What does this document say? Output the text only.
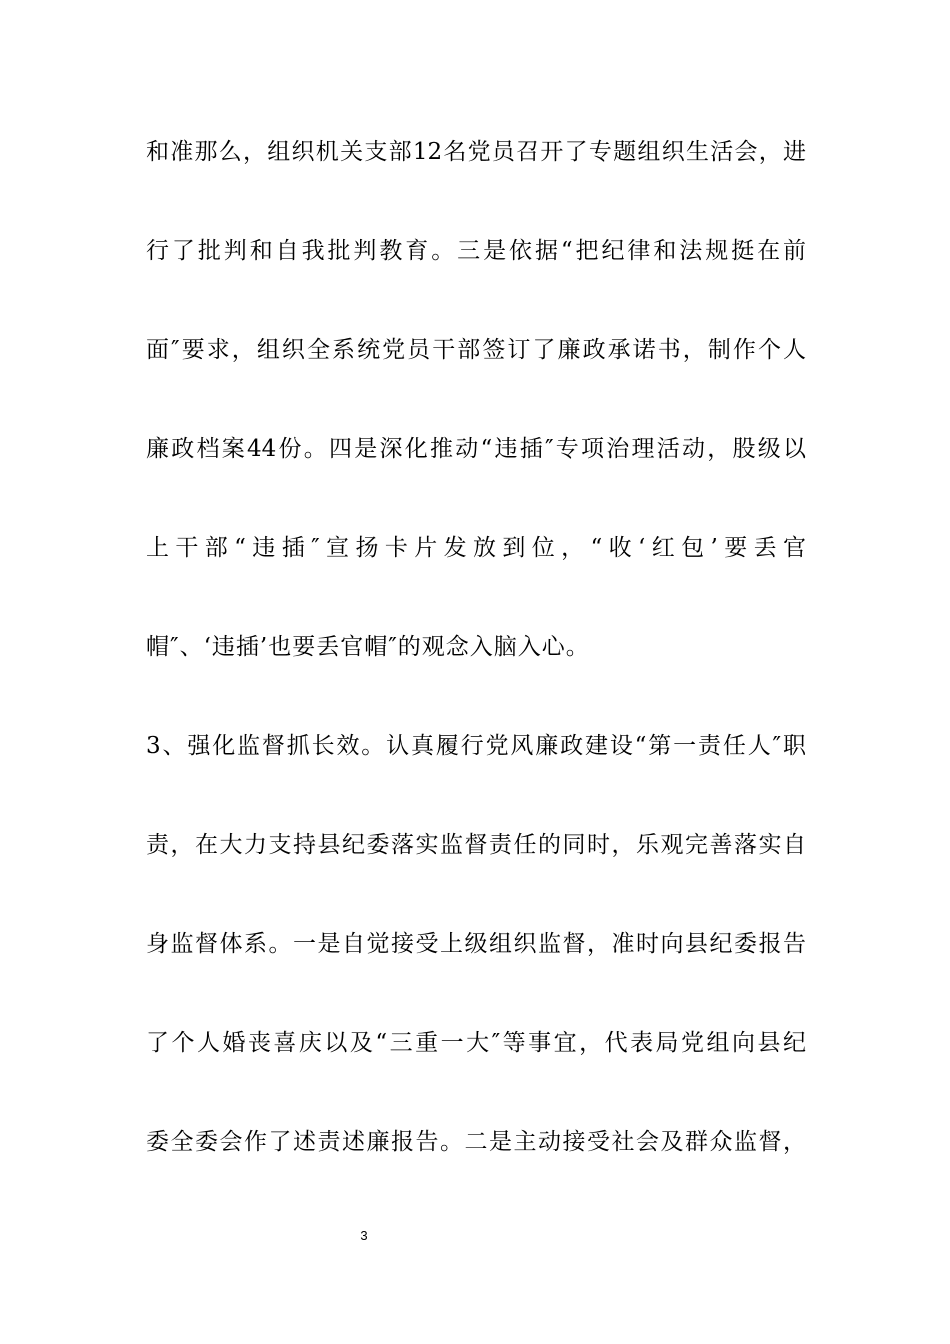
和准那么，组织机关支部12名党员召开了专题组织生活会，进
行了批判和自我批判教育。三是依据“把纪律和法规挺在前
面″要求，组织全系统党员干部签订了廉政承诺书，制作个人
廉政档案44份。四是深化推动“违插″专项治理活动，股级以
上干部“违插″宣扬卡片发放到位，“收‘红包’要丢官
帽″、‘违插’也要丢官帽″的观念入脑入心。
3、强化监督抓长效。认真履行党风廉政建设“第一责任人″职
责，在大力支持县纪委落实监督责任的同时，乐观完善落实自
身监督体系。一是自觉接受上级组织监督，准时向县纪委报告
了个人婚丧喜庆以及“三重一大″等事宜，代表局党组向县纪
委全委会作了述责述廉报告。二是主动接受社会及群众监督，
3
